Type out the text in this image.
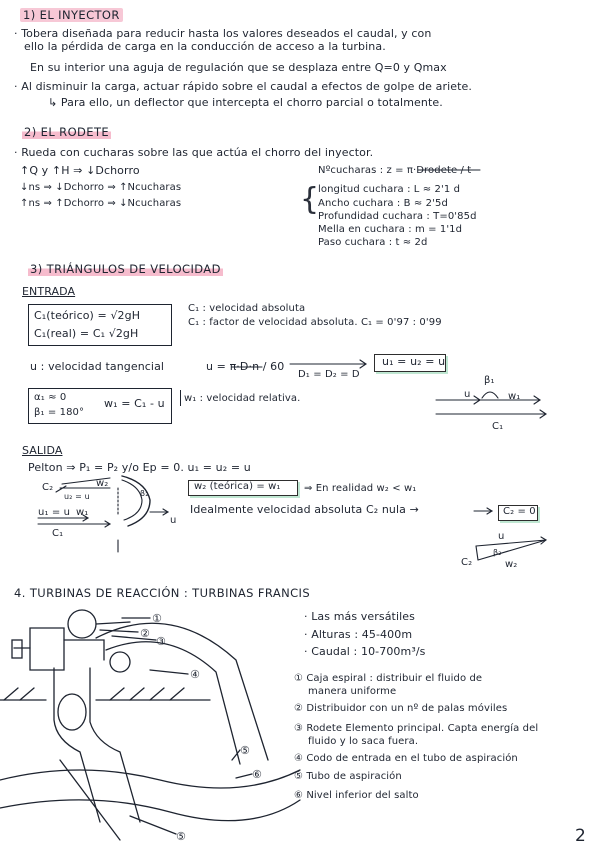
1) EL INYECTOR
· Tobera diseñada para reducir hasta los valores deseados el caudal, y con
ello la pérdida de carga en la conducción de acceso a la turbina.
En su interior una aguja de regulación que se desplaza entre Q=0 y Qmax
· Al disminuir la carga, actuar rápido sobre el caudal a efectos de golpe de ariete.
↳ Para ello, un deflector que intercepta el chorro parcial o totalmente.
2) EL RODETE
· Rueda con cucharas sobre las que actúa el chorro del inyector.
↑Q y ↑H ⇒ ↓Dchorro
↓ns ⇒ ↓Dchorro ⇒ ↑Ncucharas
↑ns ⇒ ↑Dchorro ⇒ ↓Ncucharas	{
Nºcucharas : z = π·Drodete / t
longitud cuchara : L ≈ 2'1 d
Ancho cuchara : B ≈ 2'5d
Profundidad cuchara : T=0'85d
Mella en cuchara : m = 1'1d
Paso cuchara : t ≈ 2d
3) TRIÁNGULOS DE VELOCIDAD
ENTRADA
C₁(teórico) = √2gH
C₁(real) = C₁ √2gH
C₁ : velocidad absoluta
C₁ : factor de velocidad absoluta. C₁ = 0'97 : 0'99
u : velocidad tangencial	u = π·D·n / 60
D₁ = D₂ = D
u₁ = u₂ = u
α₁ ≈ 0
β₁ = 180°
w₁ = C₁ - u w₁ : velocidad relativa.	u
β₁
w₁
C₁
SALIDA
Pelton ⇒ P₁ = P₂ y/o Ep = 0. u₁ = u₂ = u
w₂ (teórica) = w₁ ⇒ En realidad w₂ < w₁
Idealmente velocidad absoluta C₂ nula →	C₂ = 0
C₂	w₂
u₂ = u	β₂
u₁ = u w₁
C₁
u
u
β₂
C₂	w₂
4. TURBINAS DE REACCIÓN : TURBINAS FRANCIS
· Las más versátiles
· Alturas : 45-400m
· Caudal : 10-700m³/s
① Caja espiral : distribuir el fluido de
manera uniforme
② Distribuidor con un nº de palas móviles
③ Rodete Elemento principal. Capta energía del
fluido y lo saca fuera.
④ Codo de entrada en el tubo de aspiración
⑤ Tubo de aspiración
⑥ Nivel inferior del salto
①
②
③
④
⑤
⑥
⑤	2
